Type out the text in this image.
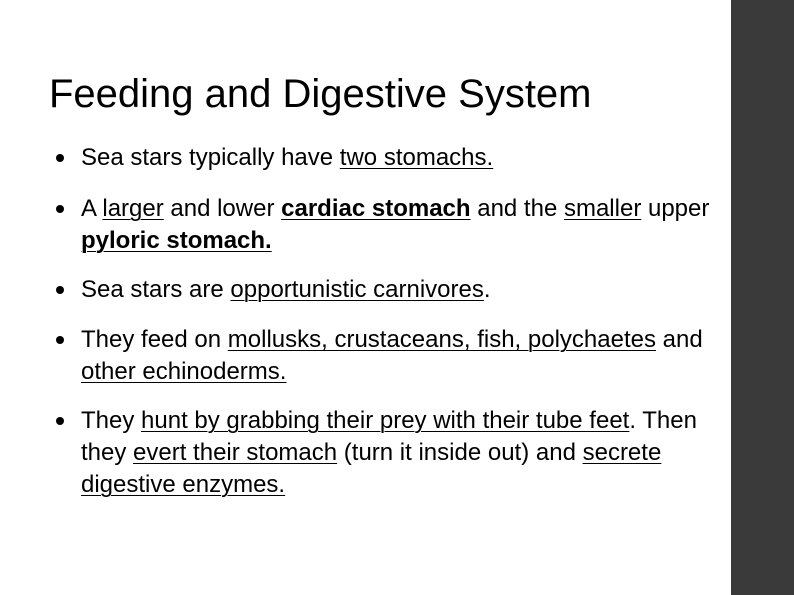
Feeding and Digestive System
Sea stars typically have two stomachs.
A larger and lower cardiac stomach and the smaller upper pyloric stomach.
Sea stars are opportunistic carnivores.
They feed on mollusks, crustaceans, fish, polychaetes and other echinoderms.
They hunt by grabbing their prey with their tube feet. Then they evert their stomach (turn it inside out) and secrete digestive enzymes.
